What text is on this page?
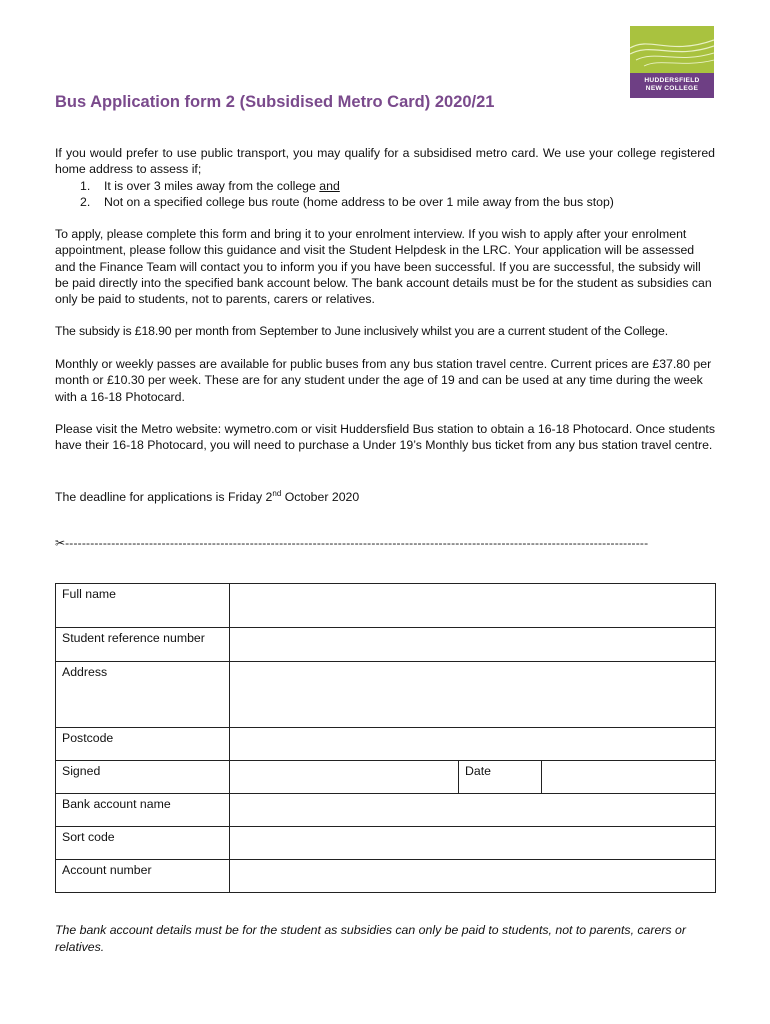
HUDDERSFIELD
NEW COLLEGE
Bus Application form 2 (Subsidised Metro Card) 2020/21

If you would prefer to use public transport, you may qualify for a subsidised metro card. We use your college registered home address to assess if;

1. It is over 3 miles away from the college and
2. Not on a specified college bus route (home address to be over 1 mile away from the bus stop)

To apply, please complete this form and bring it to your enrolment interview. If you wish to apply after your enrolment appointment, please follow this guidance and visit the Student Helpdesk in the LRC. Your application will be assessed and the Finance Team will contact you to inform you if you have been successful. If you are successful, the subsidy will be paid directly into the specified bank account below. The bank account details must be for the student as subsidies can only be paid to students, not to parents, carers or relatives.

The subsidy is £18.90 per month from September to June inclusively whilst you are a current student of the College.

Monthly or weekly passes are available for public buses from any bus station travel centre. Current prices are £37.80 per month or £10.30 per week. These are for any student under the age of 19 and can be used at any time during the week with a 16-18 Photocard.

Please visit the Metro website: wymetro.com or visit Huddersfield Bus station to obtain a 16-18 Photocard. Once students have their 16-18 Photocard, you will need to purchase a Under 19’s Monthly bus ticket from any bus station travel centre.

The deadline for applications is Friday 2nd October 2020

✂-------------------------------------------------------------------------------------------------------------------------------------------
Full name			
Student reference number			
Address			
Postcode			
Signed		Date	
Bank account name			
Sort code			
Account number			

The bank account details must be for the student as subsidies can only be paid to students, not to parents, carers or relatives.
